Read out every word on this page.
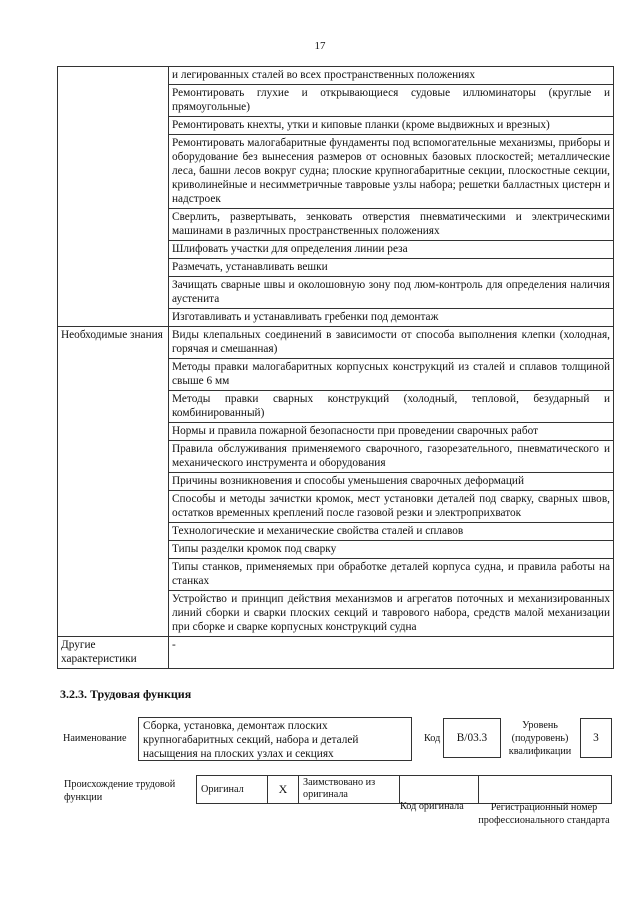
17
	и легированных сталей во всех пространственных положениях
	Ремонтировать глухие и открывающиеся судовые иллюминаторы (круглые и прямоугольные)
	Ремонтировать кнехты, утки и киповые планки (кроме выдвижных и врезных)
	Ремонтировать малогабаритные фундаменты под вспомогательные механизмы, приборы и оборудование без вынесения размеров от основных базовых плоскостей; металлические леса, башни лесов вокруг судна; плоские крупногабаритные секции, плоскостные секции, криволинейные и несимметричные тавровые узлы набора; решетки балластных цистерн и надстроек
	Сверлить, развертывать, зенковать отверстия пневматическими и электрическими машинами в различных пространственных положениях
	Шлифовать участки для определения линии реза
	Размечать, устанавливать вешки
	Зачищать сварные швы и околошовную зону под люм-контроль для определения наличия аустенита
	Изготавливать и устанавливать гребенки под демонтаж
Необходимые знания	Виды клепальных соединений в зависимости от способа выполнения клепки (холодная, горячая и смешанная)
	Методы правки малогабаритных корпусных конструкций из сталей и сплавов толщиной свыше 6 мм
	Методы правки сварных конструкций (холодный, тепловой, безударный и комбинированный)
	Нормы и правила пожарной безопасности при проведении сварочных работ
	Правила обслуживания применяемого сварочного, газорезательного, пневматического и механического инструмента и оборудования
	Причины возникновения и способы уменьшения сварочных деформаций
	Способы и методы зачистки кромок, мест установки деталей под сварку, сварных швов, остатков временных креплений после газовой резки и электроприхваток
	Технологические и механические свойства сталей и сплавов
	Типы разделки кромок под сварку
	Типы станков, применяемых при обработке деталей корпуса судна, и правила работы на станках
	Устройство и принцип действия механизмов и агрегатов поточных и механизированных линий сборки и сварки плоских секций и таврового набора, средств малой механизации при сборке и сварке корпусных конструкций судна
Другие характеристики	-
3.2.3. Трудовая функция
Наименование
Сборка, установка, демонтаж плоских крупногабаритных секций, набора и деталей насыщения на плоских узлах и секциях
Код	B/03.3
Уровень (подуровень) квалификации
3
Происхождение трудовой функции
Оригинал	X	Заимствовано из оригинала		
Код оригинала	Регистрационный номер профессионального стандарта
